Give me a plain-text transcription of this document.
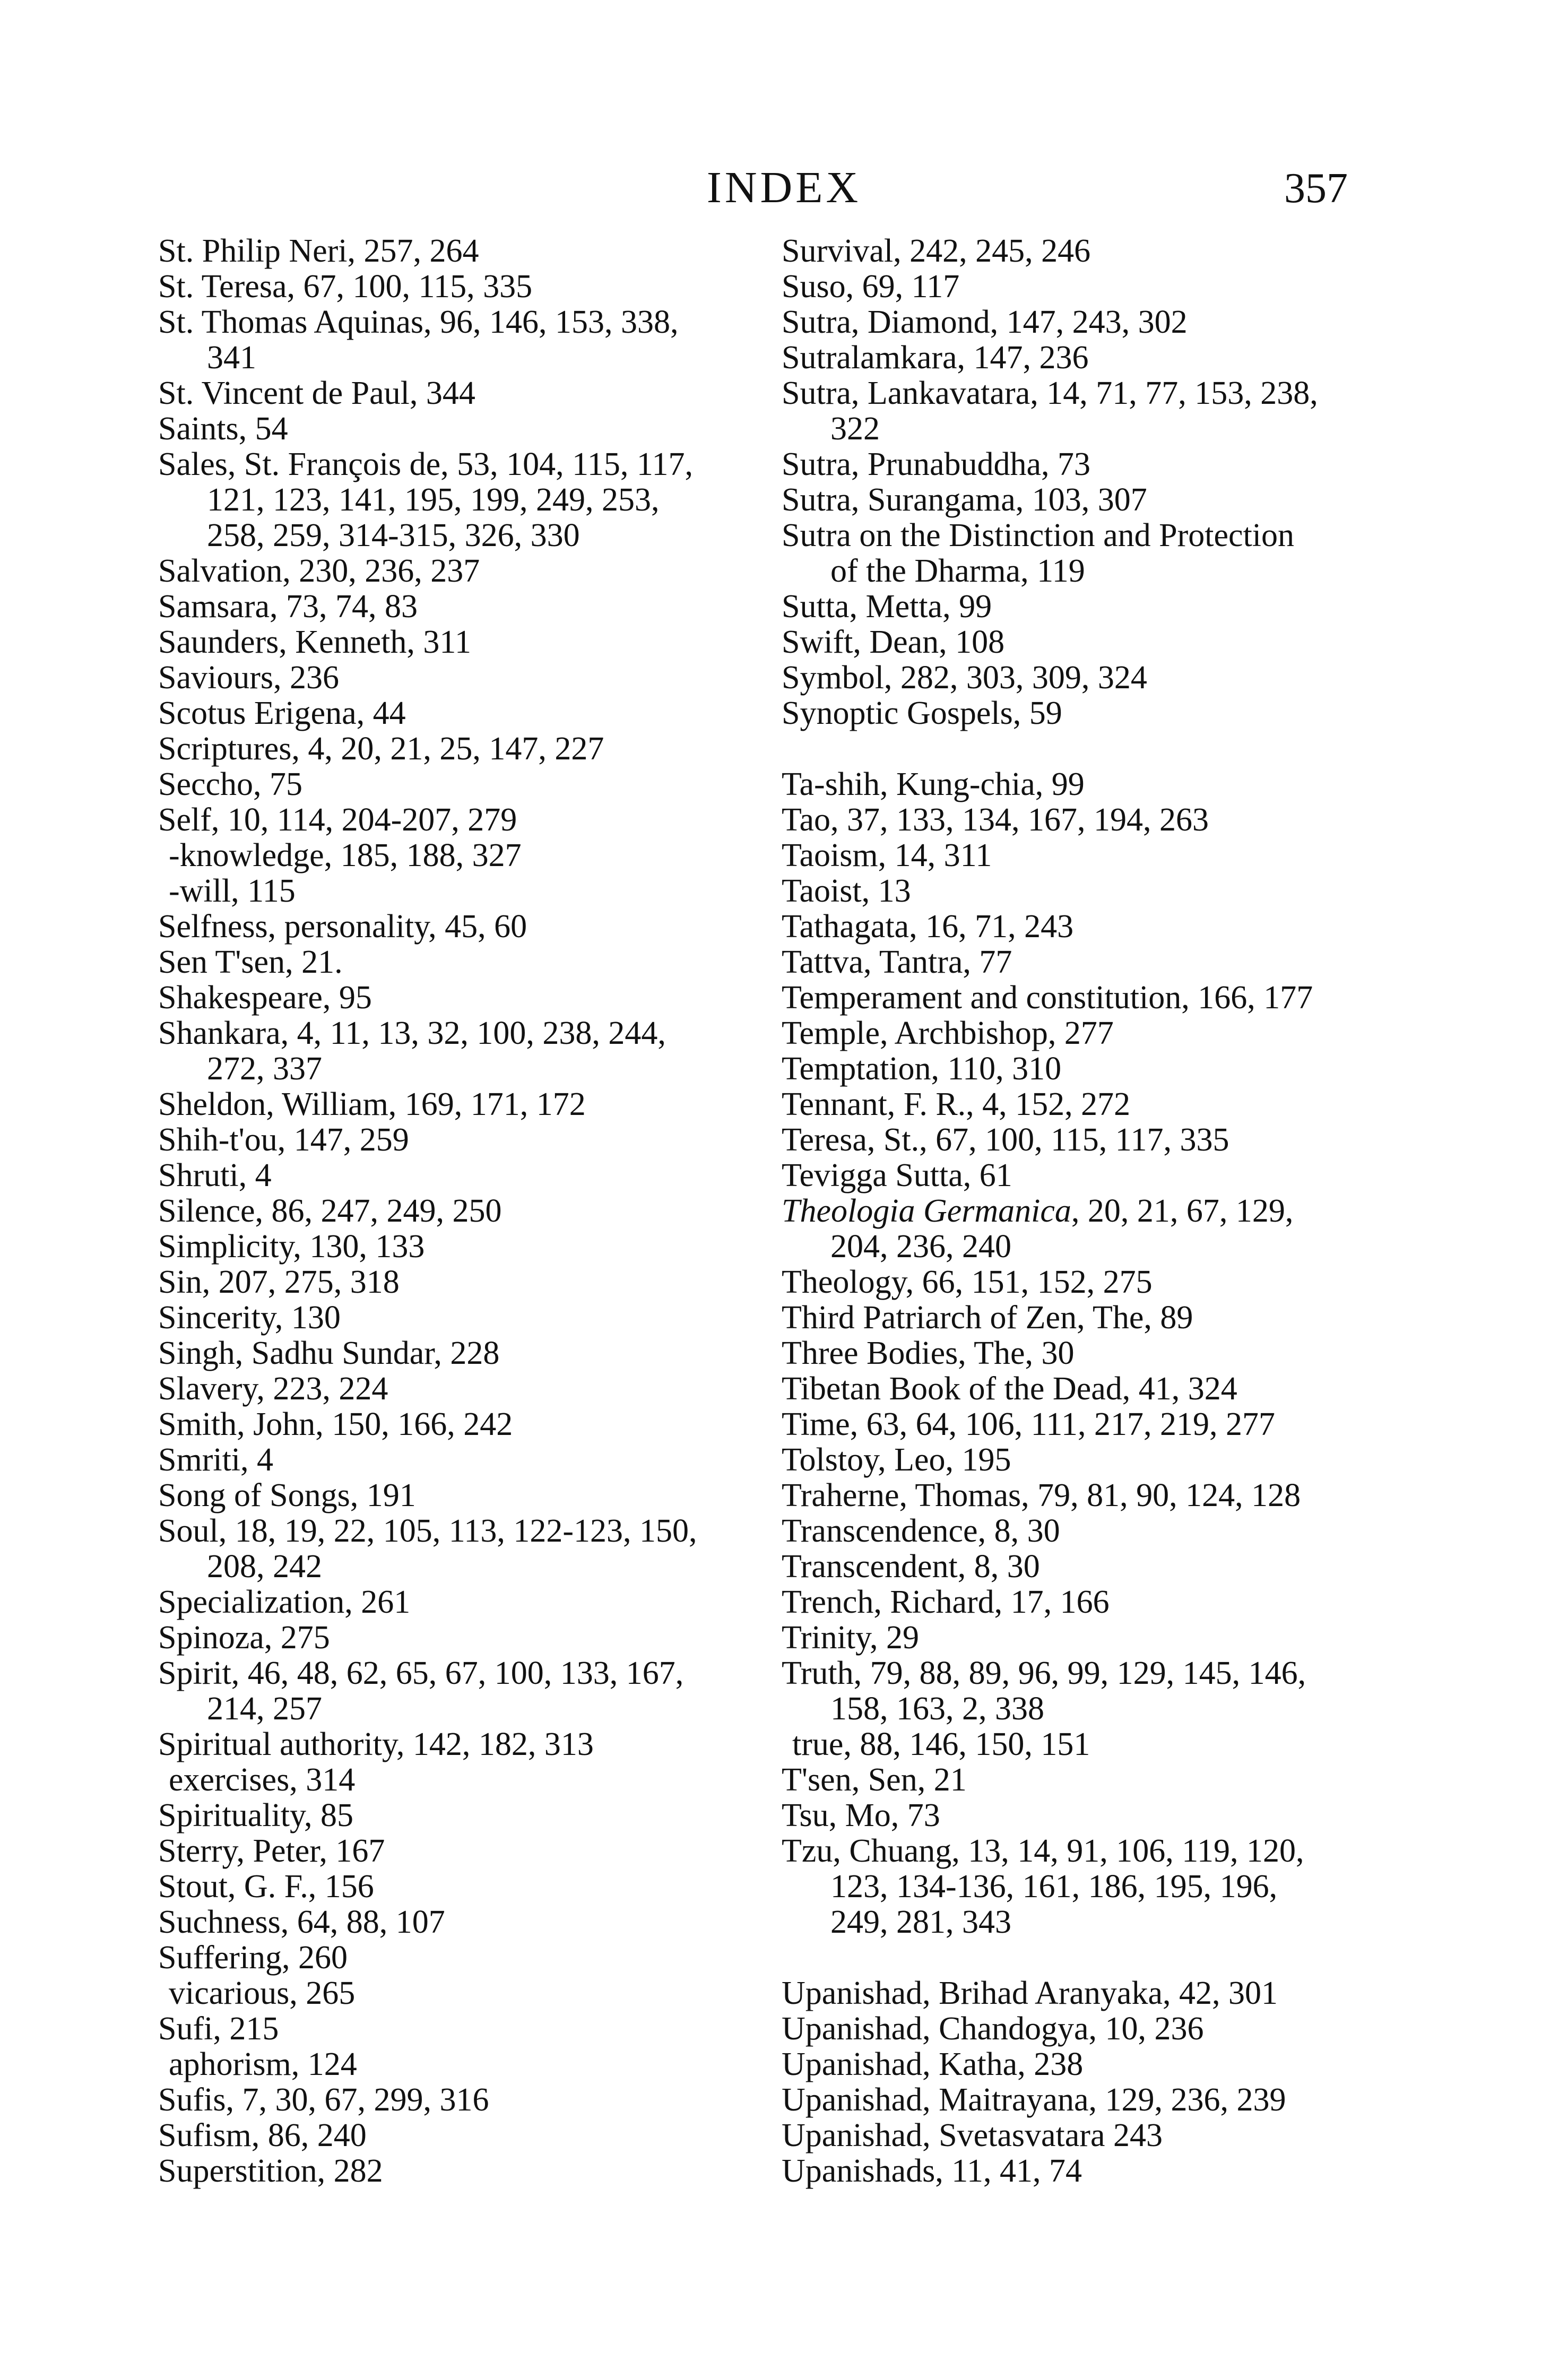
INDEX	357
St. Philip Neri, 257, 264
St. Teresa, 67, 100, 115, 335
St. Thomas Aquinas, 96, 146, 153, 338,
341
St. Vincent de Paul, 344
Saints, 54
Sales, St. François de, 53, 104, 115, 117,
121, 123, 141, 195, 199, 249, 253,
258, 259, 314-315, 326, 330
Salvation, 230, 236, 237
Samsara, 73, 74, 83
Saunders, Kenneth, 311
Saviours, 236
Scotus Erigena, 44
Scriptures, 4, 20, 21, 25, 147, 227
Seccho, 75
Self, 10, 114, 204-207, 279
-knowledge, 185, 188, 327
-will, 115
Selfness, personality, 45, 60
Sen T'sen, 21.
Shakespeare, 95
Shankara, 4, 11, 13, 32, 100, 238, 244,
272, 337
Sheldon, William, 169, 171, 172
Shih-t'ou, 147, 259
Shruti, 4
Silence, 86, 247, 249, 250
Simplicity, 130, 133
Sin, 207, 275, 318
Sincerity, 130
Singh, Sadhu Sundar, 228
Slavery, 223, 224
Smith, John, 150, 166, 242
Smriti, 4
Song of Songs, 191
Soul, 18, 19, 22, 105, 113, 122-123, 150,
208, 242
Specialization, 261
Spinoza, 275
Spirit, 46, 48, 62, 65, 67, 100, 133, 167,
214, 257
Spiritual authority, 142, 182, 313
exercises, 314
Spirituality, 85
Sterry, Peter, 167
Stout, G. F., 156
Suchness, 64, 88, 107
Suffering, 260
vicarious, 265
Sufi, 215
aphorism, 124
Sufis, 7, 30, 67, 299, 316
Sufism, 86, 240
Superstition, 282
Survival, 242, 245, 246
Suso, 69, 117
Sutra, Diamond, 147, 243, 302
Sutralamkara, 147, 236
Sutra, Lankavatara, 14, 71, 77, 153, 238,
322
Sutra, Prunabuddha, 73
Sutra, Surangama, 103, 307
Sutra on the Distinction and Protection
of the Dharma, 119
Sutta, Metta, 99
Swift, Dean, 108
Symbol, 282, 303, 309, 324
Synoptic Gospels, 59
Ta-shih, Kung-chia, 99
Tao, 37, 133, 134, 167, 194, 263
Taoism, 14, 311
Taoist, 13
Tathagata, 16, 71, 243
Tattva, Tantra, 77
Temperament and constitution, 166, 177
Temple, Archbishop, 277
Temptation, 110, 310
Tennant, F. R., 4, 152, 272
Teresa, St., 67, 100, 115, 117, 335
Tevigga Sutta, 61
Theologia Germanica, 20, 21, 67, 129,
204, 236, 240
Theology, 66, 151, 152, 275
Third Patriarch of Zen, The, 89
Three Bodies, The, 30
Tibetan Book of the Dead, 41, 324
Time, 63, 64, 106, 111, 217, 219, 277
Tolstoy, Leo, 195
Traherne, Thomas, 79, 81, 90, 124, 128
Transcendence, 8, 30
Transcendent, 8, 30
Trench, Richard, 17, 166
Trinity, 29
Truth, 79, 88, 89, 96, 99, 129, 145, 146,
158, 163, 2, 338
true, 88, 146, 150, 151
T'sen, Sen, 21
Tsu, Mo, 73
Tzu, Chuang, 13, 14, 91, 106, 119, 120,
123, 134-136, 161, 186, 195, 196,
249, 281, 343
Upanishad, Brihad Aranyaka, 42, 301
Upanishad, Chandogya, 10, 236
Upanishad, Katha, 238
Upanishad, Maitrayana, 129, 236, 239
Upanishad, Svetasvatara 243
Upanishads, 11, 41, 74
